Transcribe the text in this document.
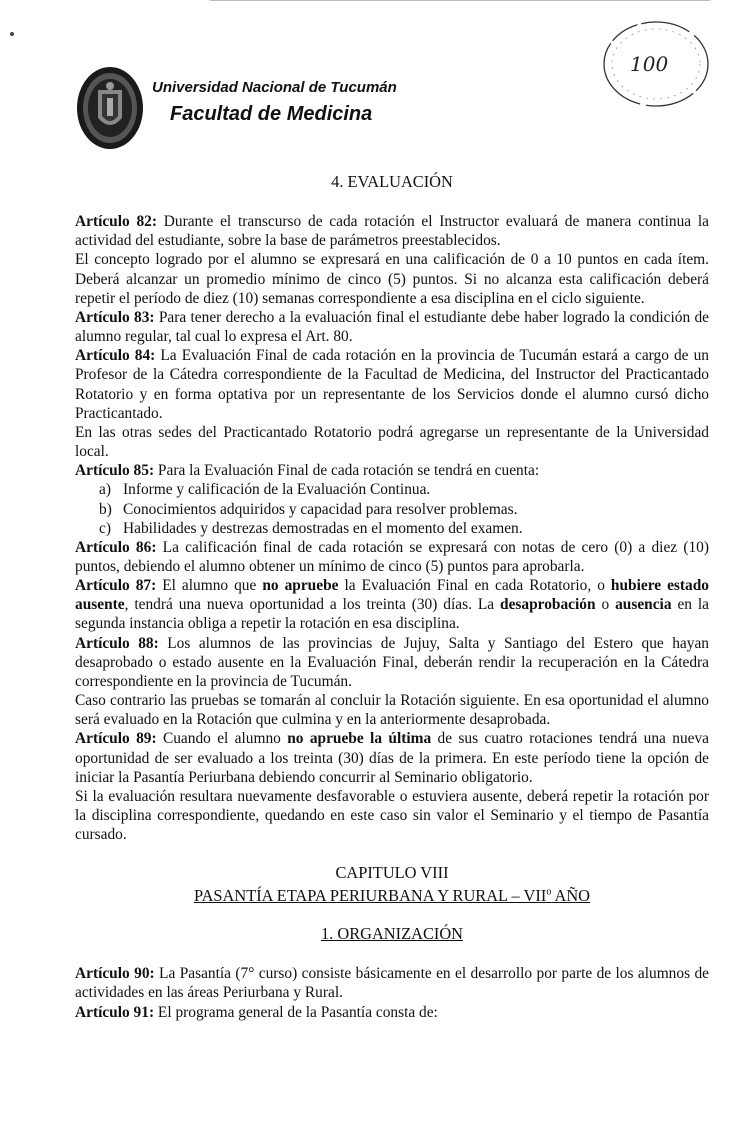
Universidad Nacional de Tucumán
Facultad de Medicina
100

4. EVALUACIÓN

Artículo 82: Durante el transcurso de cada rotación el Instructor evaluará de manera continua la actividad del estudiante, sobre la base de parámetros preestablecidos.

El concepto logrado por el alumno se expresará en una calificación de 0 a 10 puntos en cada ítem. Deberá alcanzar un promedio mínimo de cinco (5) puntos. Si no alcanza esta calificación deberá repetir el período de diez (10) semanas correspondiente a esa disciplina en el ciclo siguiente.

Artículo 83: Para tener derecho a la evaluación final el estudiante debe haber logrado la condición de alumno regular, tal cual lo expresa el Art. 80.

Artículo 84: La Evaluación Final de cada rotación en la provincia de Tucumán estará a cargo de un Profesor de la Cátedra correspondiente de la Facultad de Medicina, del Instructor del Practicantado Rotatorio y en forma optativa por un representante de los Servicios donde el alumno cursó dicho Practicantado.

En las otras sedes del Practicantado Rotatorio podrá agregarse un representante de la Universidad local.

Artículo 85: Para la Evaluación Final de cada rotación se tendrá en cuenta:

a) Informe y calificación de la Evaluación Continua.
b) Conocimientos adquiridos y capacidad para resolver problemas.
c) Habilidades y destrezas demostradas en el momento del examen.

Artículo 86: La calificación final de cada rotación se expresará con notas de cero (0) a diez (10) puntos, debiendo el alumno obtener un mínimo de cinco (5) puntos para aprobarla.

Artículo 87: El alumno que no apruebe la Evaluación Final en cada Rotatorio, o hubiere estado ausente, tendrá una nueva oportunidad a los treinta (30) días. La desaprobación o ausencia en la segunda instancia obliga a repetir la rotación en esa disciplina.

Artículo 88: Los alumnos de las provincias de Jujuy, Salta y Santiago del Estero que hayan desaprobado o estado ausente en la Evaluación Final, deberán rendir la recuperación en la Cátedra correspondiente en la provincia de Tucumán.

Caso contrario las pruebas se tomarán al concluir la Rotación siguiente. En esa oportunidad el alumno será evaluado en la Rotación que culmina y en la anteriormente desaprobada.

Artículo 89: Cuando el alumno no apruebe la última de sus cuatro rotaciones tendrá una nueva oportunidad de ser evaluado a los treinta (30) días de la primera. En este período tiene la opción de iniciar la Pasantía Periurbana debiendo concurrir al Seminario obligatorio.

Si la evaluación resultara nuevamente desfavorable o estuviera ausente, deberá repetir la rotación por la disciplina correspondiente, quedando en este caso sin valor el Seminario y el tiempo de Pasantía cursado.

CAPITULO VIII

PASANTÍA ETAPA PERIURBANA Y RURAL – VII$^o$ AÑO

1. ORGANIZACIÓN

Artículo 90: La Pasantía (7° curso) consiste básicamente en el desarrollo por parte de los alumnos de actividades en las áreas Periurbana y Rural.

Artículo 91: El programa general de la Pasantía consta de:
